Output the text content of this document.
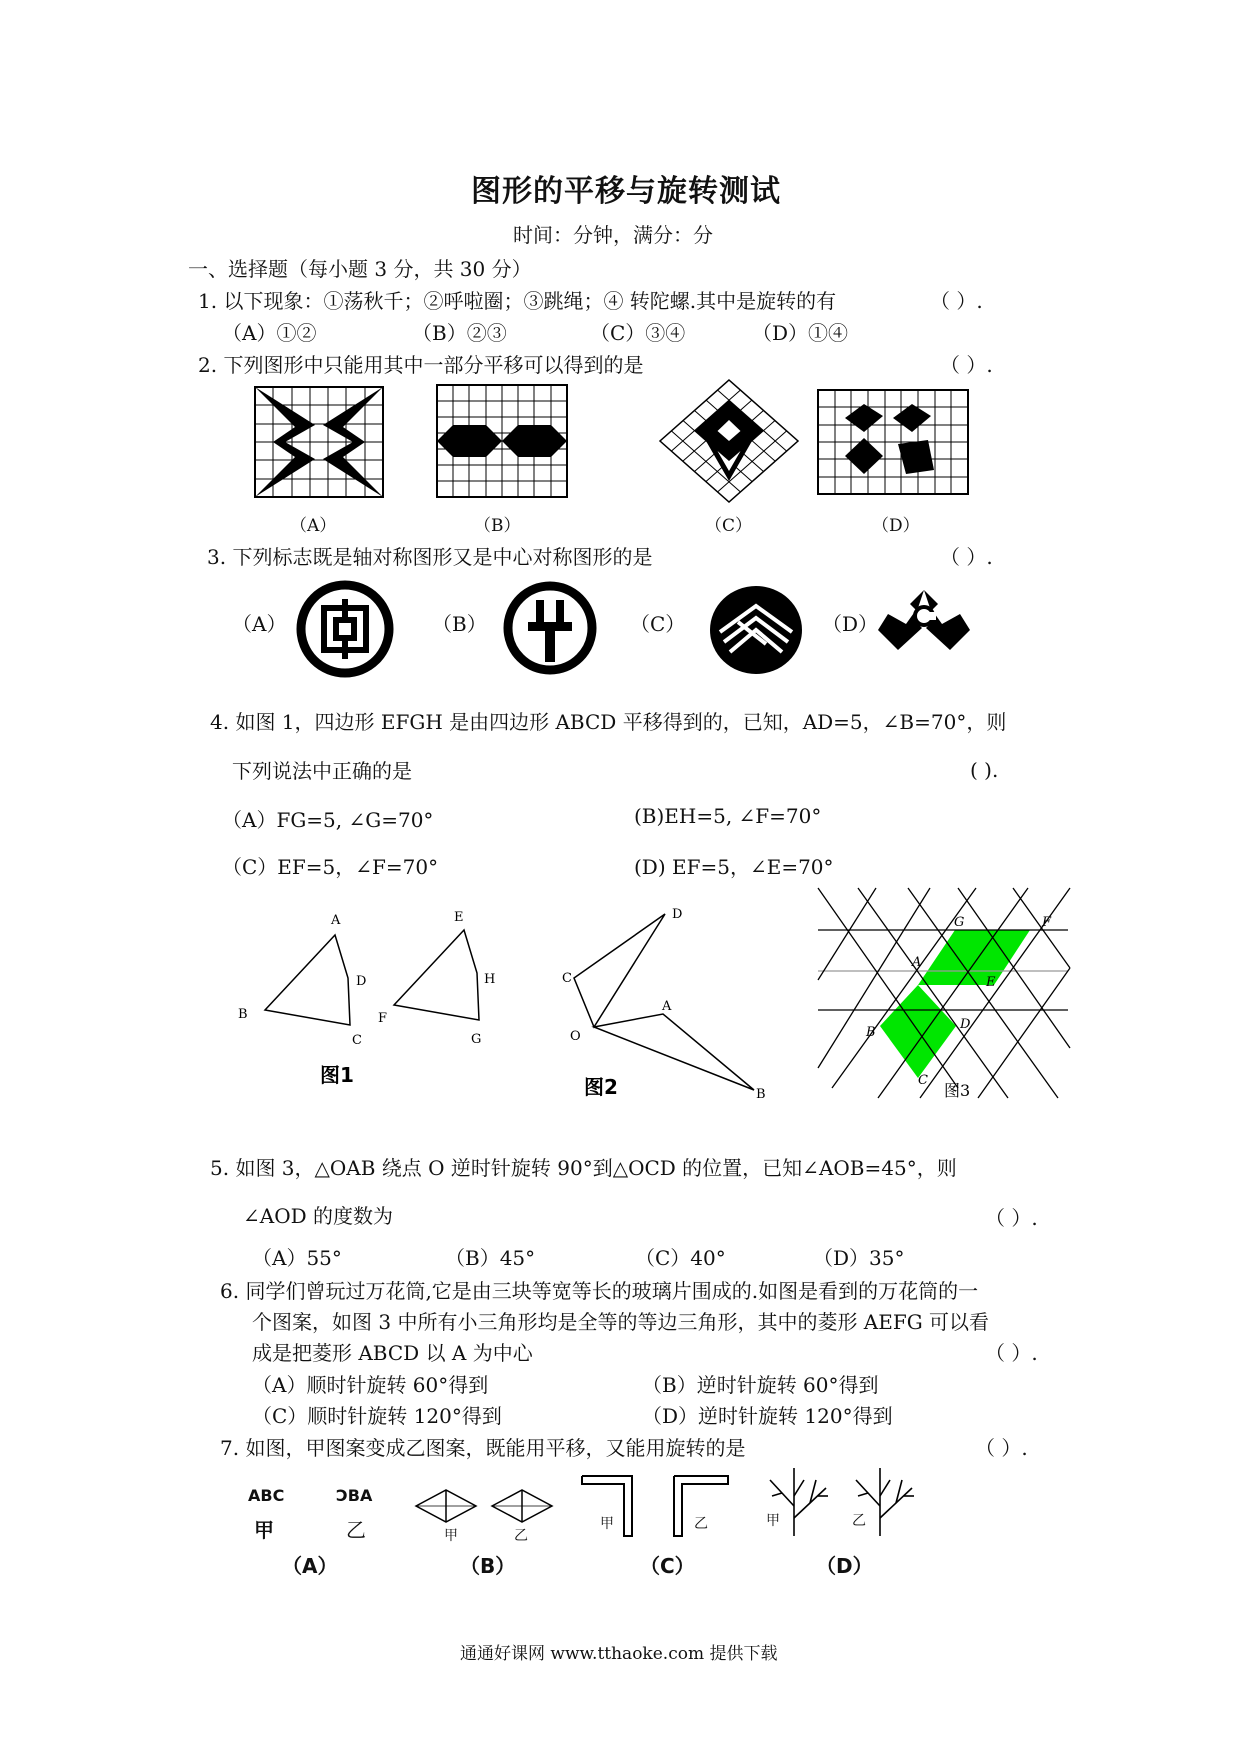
图形的平移与旋转测试
时间：分钟，满分：分
一、选择题（每小题 3 分，共 30 分）
1. 以下现象：①荡秋千；②呼啦圈；③跳绳；④ 转陀螺.其中是旋转的有	（ ）.
（A）①②	（B）②③	（C）③④	（D）①④
2. 下列图形中只能用其中一部分平移可以得到的是	（ ）.
（A）	（B）	（C）	（D）
3. 下列标志既是轴对称图形又是中心对称图形的是	（ ）.
（A）	（B）	（C）	（D）
4. 如图 1，四边形 EFGH 是由四边形 ABCD 平移得到的，已知，AD=5，∠B=70°，则
下列说法中正确的是	( ).
（A）FG=5, ∠G=70°	(B)EH=5, ∠F=70°
（C）EF=5，∠F=70°	(D) EF=5，∠E=70°
A
B
C
D
E
F
G
H
图1
D
C
O
A
B
图2
G	F
A
E
B
D
C
图3
5. 如图 3，△OAB 绕点 O 逆时针旋转 90°到△OCD 的位置，已知∠AOB=45°，则
∠AOD 的度数为	（ ）.
（A）55°	（B）45°	（C）40°	（D）35°
6. 同学们曾玩过万花筒,它是由三块等宽等长的玻璃片围成的.如图是看到的万花筒的一
个图案，如图 3 中所有小三角形均是全等的等边三角形，其中的菱形 AEFG 可以看
成是把菱形 ABCD 以 A 为中心	（ ）.
（A）顺时针旋转 60°得到	（B）逆时针旋转 60°得到
（C）顺时针旋转 120°得到	（D）逆时针旋转 120°得到
7. 如图，甲图案变成乙图案，既能用平移，又能用旋转的是	（ ）.
ABC
甲
ƆBA
乙	甲	乙
甲	乙	甲	乙
（A）	（B）	（C）	（D）
通通好课网 www.tthaoke.com 提供下载
